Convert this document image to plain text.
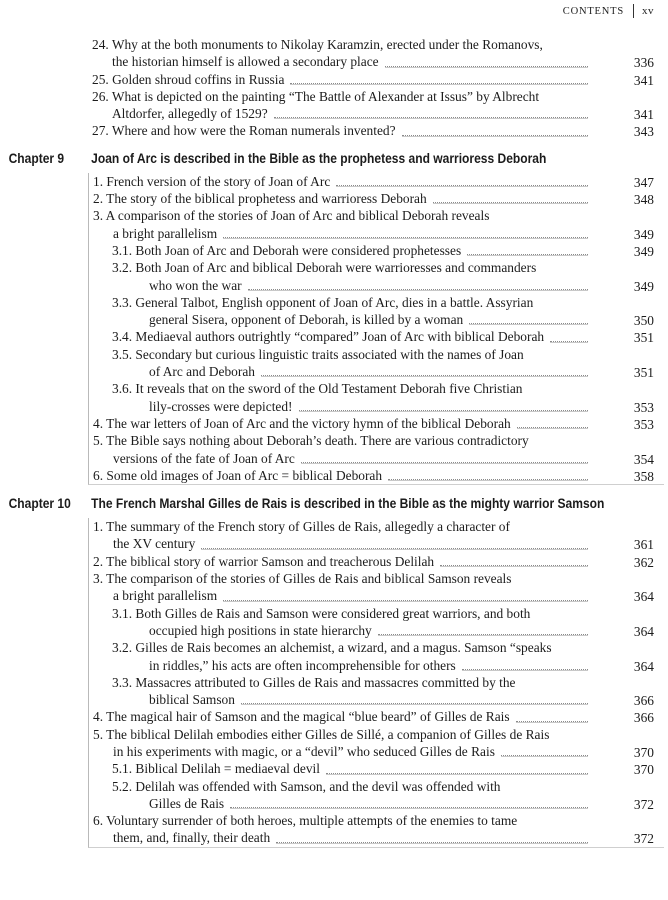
CONTENTS xv
24. Why at the both monuments to Nikolay Karamzin, erected under the Romanovs,
the historian himself is allowed a secondary place	336
25. Golden shroud coffins in Russia	341
26. What is depicted on the painting “The Battle of Alexander at Issus” by Albrecht
Altdorfer, allegedly of 1529?	341
27. Where and how were the Roman numerals invented?	343
Chapter 9 Joan of Arc is described in the Bible as the prophetess and warrioress Deborah
1. French version of the story of Joan of Arc	347
2. The story of the biblical prophetess and warrioress Deborah	348
3. A comparison of the stories of Joan of Arc and biblical Deborah reveals
a bright parallelism	349
3.1. Both Joan of Arc and Deborah were considered prophetesses	349
3.2. Both Joan of Arc and biblical Deborah were warrioresses and commanders
who won the war	349
3.3. General Talbot, English opponent of Joan of Arc, dies in a battle. Assyrian
general Sisera, opponent of Deborah, is killed by a woman	350
3.4. Mediaeval authors outrightly “compared” Joan of Arc with biblical Deborah	351
3.5. Secondary but curious linguistic traits associated with the names of Joan
of Arc and Deborah	351
3.6. It reveals that on the sword of the Old Testament Deborah five Christian
lily-crosses were depicted!	353
4. The war letters of Joan of Arc and the victory hymn of the biblical Deborah	353
5. The Bible says nothing about Deborah’s death. There are various contradictory
versions of the fate of Joan of Arc	354
6. Some old images of Joan of Arc = biblical Deborah	358
Chapter 10 The French Marshal Gilles de Rais is described in the Bible as the mighty warrior Samson
1. The summary of the French story of Gilles de Rais, allegedly a character of
the XV century	361
2. The biblical story of warrior Samson and treacherous Delilah	362
3. The comparison of the stories of Gilles de Rais and biblical Samson reveals
a bright parallelism	364
3.1. Both Gilles de Rais and Samson were considered great warriors, and both
occupied high positions in state hierarchy	364
3.2. Gilles de Rais becomes an alchemist, a wizard, and a magus. Samson “speaks
in riddles,” his acts are often incomprehensible for others	364
3.3. Massacres attributed to Gilles de Rais and massacres committed by the
biblical Samson	366
4. The magical hair of Samson and the magical “blue beard” of Gilles de Rais	366
5. The biblical Delilah embodies either Gilles de Sillé, a companion of Gilles de Rais
in his experiments with magic, or a “devil” who seduced Gilles de Rais	370
5.1. Biblical Delilah = mediaeval devil	370
5.2. Delilah was offended with Samson, and the devil was offended with
Gilles de Rais	372
6. Voluntary surrender of both heroes, multiple attempts of the enemies to tame
them, and, finally, their death	372
